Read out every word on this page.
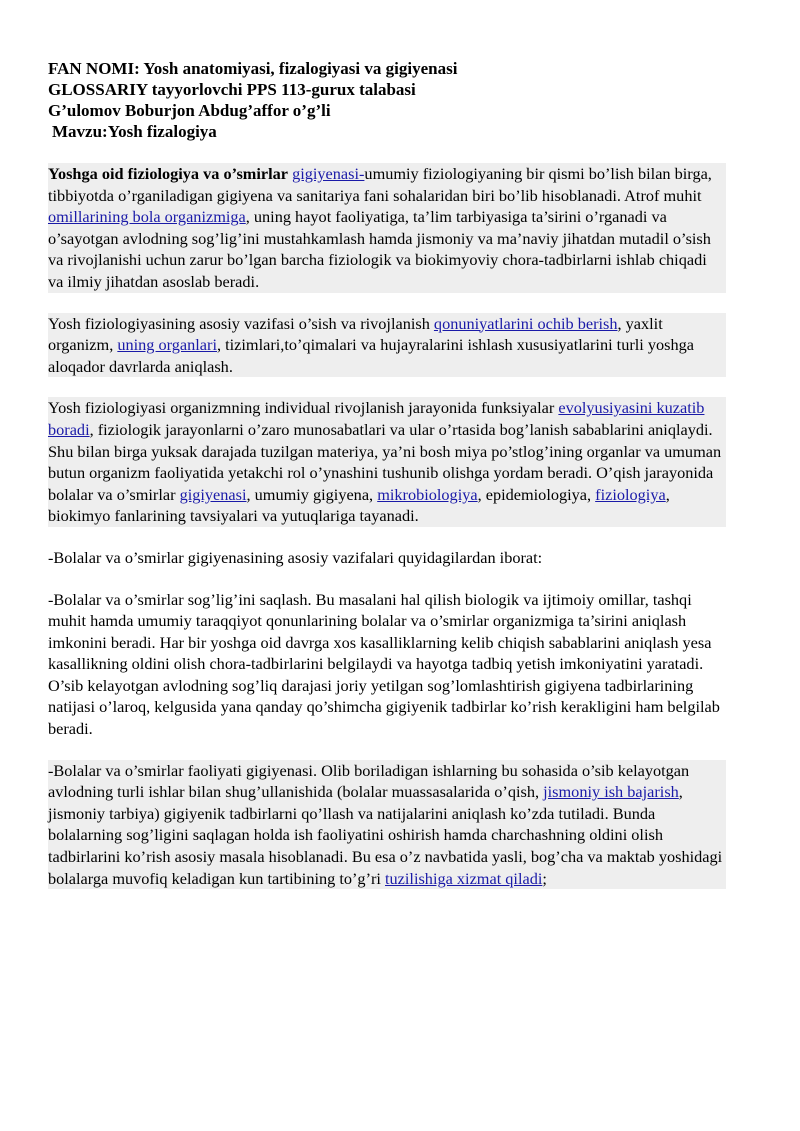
FAN NOMI: Yosh anatomiyasi, fizalogiyasi va gigiyenasi
GLOSSARIY tayyorlovchi PPS 113-gurux talabasi
G’ulomov Boburjon Abdug’affor o’g’li
Mavzu:Yosh fizalogiya
Yoshga oid fiziologiya va o’smirlar gigiyenasi-umumiy fiziologiyaning bir qismi bo’lish bilan birga, tibbiyotda o’rganiladigan gigiyena va sanitariya fani sohalaridan biri bo’lib hisoblanadi. Atrof muhit omillarining bola organizmiga, uning hayot faoliyatiga, ta’lim tarbiyasiga ta’sirini o’rganadi va o’sayotgan avlodning sog’lig’ini mustahkamlash hamda jismoniy va ma’naviy jihatdan mutadil o’sish va rivojlanishi uchun zarur bo’lgan barcha fiziologik va biokimyoviy chora-tadbirlarni ishlab chiqadi va ilmiy jihatdan asoslab beradi.
Yosh fiziologiyasining asosiy vazifasi o’sish va rivojlanish qonuniyatlarini ochib berish, yaxlit organizm, uning organlari, tizimlari,to’qimalari va hujayralarini ishlash xususiyatlarini turli yoshga aloqador davrlarda aniqlash.
Yosh fiziologiyasi organizmning individual rivojlanish jarayonida funksiyalar evolyusiyasini kuzatib boradi, fiziologik jarayonlarni o’zaro munosabatlari va ular o’rtasida bog’lanish sabablarini aniqlaydi. Shu bilan birga yuksak darajada tuzilgan materiya, ya’ni bosh miya po’stlog’ining organlar va umuman butun organizm faoliyatida yetakchi rol o’ynashini tushunib olishga yordam beradi. O’qish jarayonida bolalar va o’smirlar gigiyenasi, umumiy gigiyena, mikrobiologiya, epidemiologiya, fiziologiya, biokimyo fanlarining tavsiyalari va yutuqlariga tayanadi.
-Bolalar va o’smirlar gigiyenasining asosiy vazifalari quyidagilardan iborat:
-Bolalar va o’smirlar sog’lig’ini saqlash. Bu masalani hal qilish biologik va ijtimoiy omillar, tashqi muhit hamda umumiy taraqqiyot qonunlarining bolalar va o’smirlar organizmiga ta’sirini aniqlash imkonini beradi. Har bir yoshga oid davrga xos kasalliklarning kelib chiqish sabablarini aniqlash yesa kasallikning oldini olish chora-tadbirlarini belgilaydi va hayotga tadbiq yetish imkoniyatini yaratadi. O’sib kelayotgan avlodning sog’liq darajasi joriy yetilgan sog’lomlashtirish gigiyena tadbirlarining natijasi o’laroq, kelgusida yana qanday qo’shimcha gigiyenik tadbirlar ko’rish kerakligini ham belgilab beradi.
-Bolalar va o’smirlar faoliyati gigiyenasi. Olib boriladigan ishlarning bu sohasida o’sib kelayotgan avlodning turli ishlar bilan shug’ullanishida (bolalar muassasalarida o’qish, jismoniy ish bajarish, jismoniy tarbiya) gigiyenik tadbirlarni qo’llash va natijalarini aniqlash ko’zda tutiladi. Bunda bolalarning sog’ligini saqlagan holda ish faoliyatini oshirish hamda charchashning oldini olish tadbirlarini ko’rish asosiy masala hisoblanadi. Bu esa o’z navbatida yasli, bog’cha va maktab yoshidagi bolalarga muvofiq keladigan kun tartibining to’g’ri tuzilishiga xizmat qiladi;
